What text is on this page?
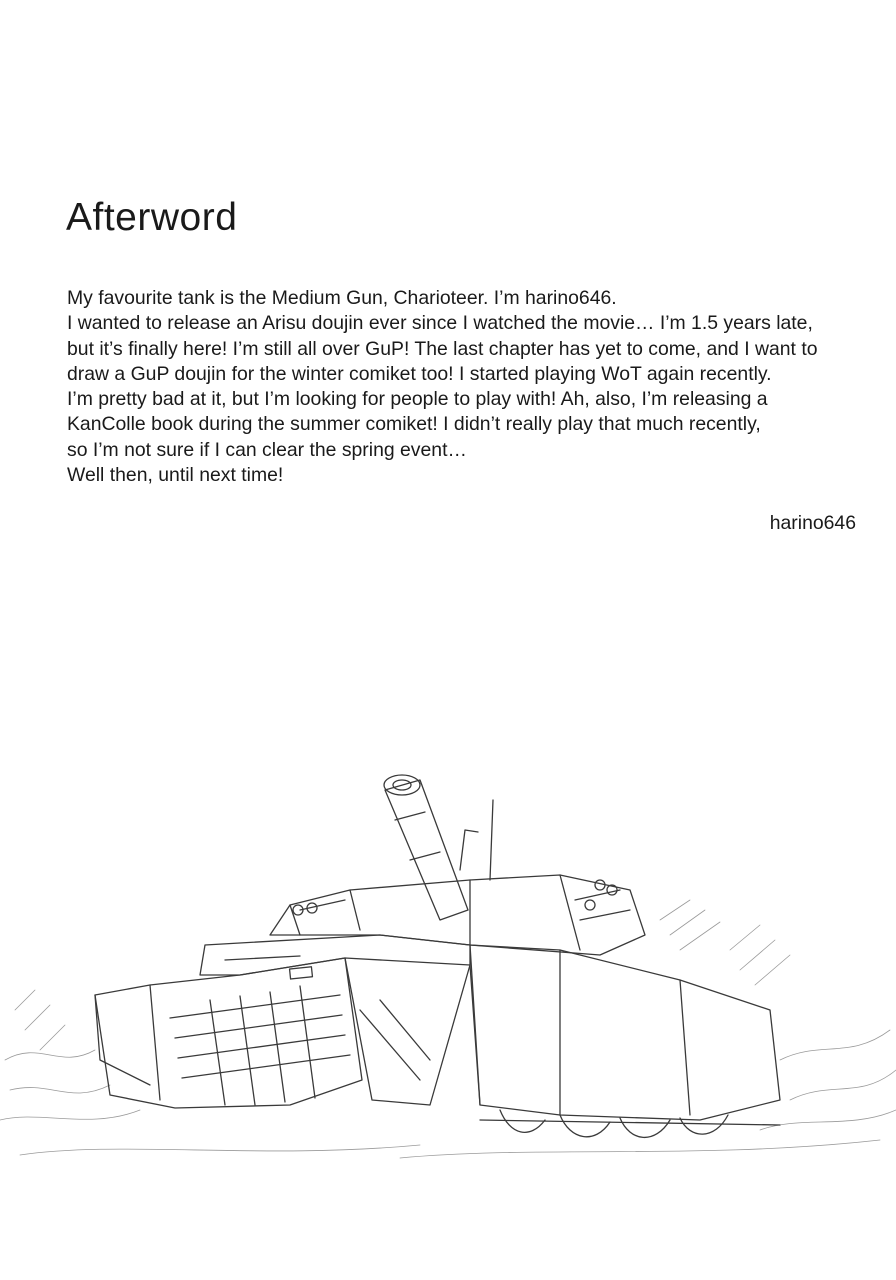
Afterword
My favourite tank is the Medium Gun, Charioteer. I’m harino646.
I wanted to release an Arisu doujin ever since I watched the movie… I’m 1.5 years late,
but it’s finally here! I’m still all over GuP! The last chapter has yet to come, and I want to
draw a GuP doujin for the winter comiket too! I started playing WoT again recently.
I’m pretty bad at it, but I’m looking for people to play with! Ah, also, I’m releasing a
KanColle book during the summer comiket! I didn’t really play that much recently,
so I’m not sure if I can clear the spring event…
Well then, until next time!
harino646
